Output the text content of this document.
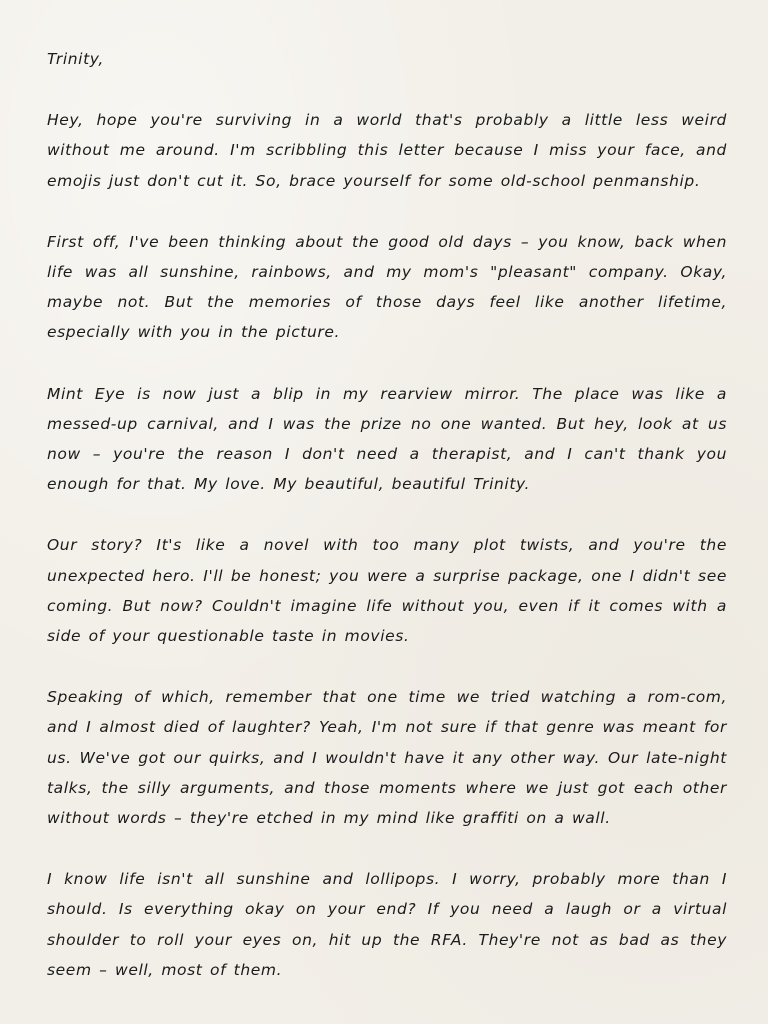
Trinity,

Hey, hope you're surviving in a world that's probably a little less weird without me around. I'm scribbling this letter because I miss your face, and emojis just don't cut it. So, brace yourself for some old-school penmanship.

First off, I've been thinking about the good old days – you know, back when life was all sunshine, rainbows, and my mom's "pleasant" company. Okay, maybe not. But the memories of those days feel like another lifetime, especially with you in the picture.

Mint Eye is now just a blip in my rearview mirror. The place was like a messed-up carnival, and I was the prize no one wanted. But hey, look at us now – you're the reason I don't need a therapist, and I can't thank you enough for that. My love. My beautiful, beautiful Trinity.

Our story? It's like a novel with too many plot twists, and you're the unexpected hero. I'll be honest; you were a surprise package, one I didn't see coming. But now? Couldn't imagine life without you, even if it comes with a side of your questionable taste in movies.

Speaking of which, remember that one time we tried watching a rom-com, and I almost died of laughter? Yeah, I'm not sure if that genre was meant for us. We've got our quirks, and I wouldn't have it any other way. Our late-night talks, the silly arguments, and those moments where we just got each other without words – they're etched in my mind like graffiti on a wall.

I know life isn't all sunshine and lollipops. I worry, probably more than I should. Is everything okay on your end? If you need a laugh or a virtual shoulder to roll your eyes on, hit up the RFA. They're not as bad as they seem – well, most of them.
